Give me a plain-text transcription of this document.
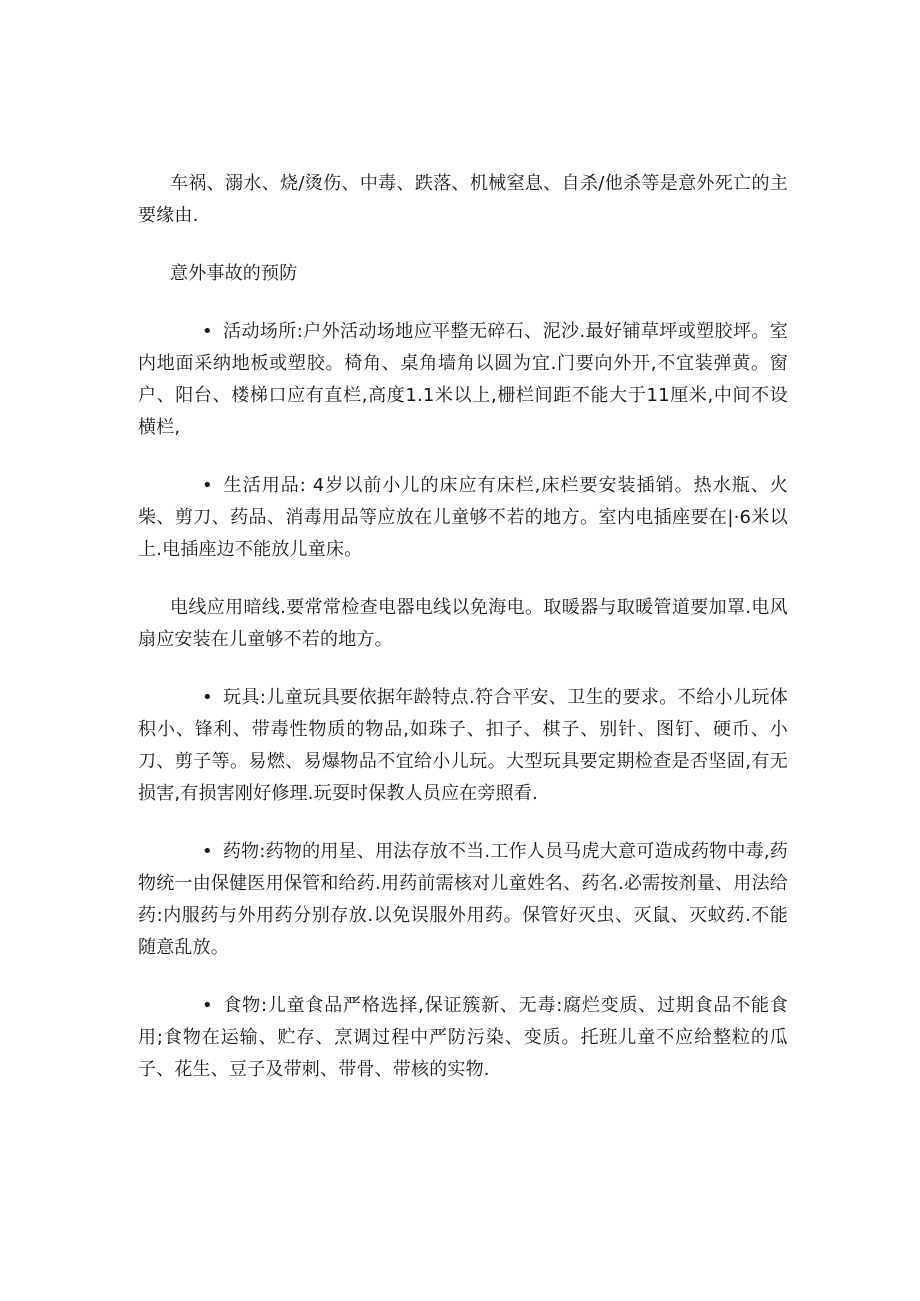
车祸、溺水、烧/烫伤、中毒、跌落、机械窒息、自杀/他杀等是意外死亡的主要缘由.

意外事故的预防

• 活动场所:户外活动场地应平整无碎石、泥沙.最好铺草坪或塑胶坪。室内地面采纳地板或塑胶。椅角、桌角墙角以圆为宜.门要向外开,不宜装弹黄。窗户、阳台、楼梯口应有直栏,高度1.1米以上,栅栏间距不能大于11厘米,中间不设横栏,

• 生活用品: 4岁以前小儿的床应有床栏,床栏要安装插销。热水瓶、火柴、剪刀、药品、消毒用品等应放在儿童够不若的地方。室内电插座要在|·6米以上.电插座边不能放儿童床。

电线应用暗线.要常常检查电器电线以免海电。取暖器与取暖管道要加罩.电风扇应安装在儿童够不若的地方。

• 玩具:儿童玩具要依据年龄特点.符合平安、卫生的要求。不给小儿玩体积小、锋利、带毒性物质的物品,如珠子、扣子、棋子、别针、图钉、硬币、小刀、剪子等。易燃、易爆物品不宜给小儿玩。大型玩具要定期检查是否坚固,有无损害,有损害刚好修理.玩耍时保教人员应在旁照看.

• 药物:药物的用星、用法存放不当.工作人员马虎大意可造成药物中毒,药物统一由保健医用保管和给药.用药前需核对儿童姓名、药名.必需按剂量、用法给药:内服药与外用药分别存放.以免误服外用药。保管好灭虫、灭鼠、灭蚊药.不能随意乱放。

• 食物:儿童食品严格选择,保证簇新、无毒:腐烂变质、过期食品不能食用;食物在运输、贮存、烹调过程中严防污染、变质。托班儿童不应给整粒的瓜子、花生、豆子及带刺、带骨、带核的实物.
